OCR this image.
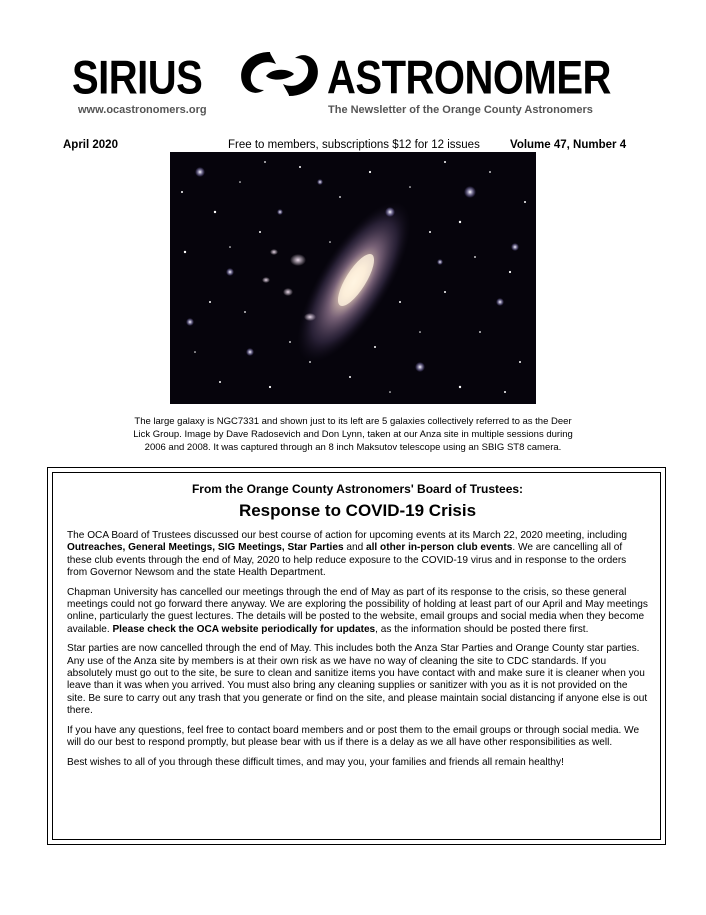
SIRIUS	ASTRONOMER
www.ocastronomers.org	The Newsletter of the Orange County Astronomers
April 2020	Free to members, subscriptions $12 for 12 issues	Volume 47, Number 4
The large galaxy is NGC7331 and shown just to its left are 5 galaxies collectively referred to as the Deer
Lick Group. Image by Dave Radosevich and Don Lynn, taken at our Anza site in multiple sessions during
2006 and 2008. It was captured through an 8 inch Maksutov telescope using an SBIG ST8 camera.
From the Orange County Astronomers' Board of Trustees:
Response to COVID-19 Crisis

The OCA Board of Trustees discussed our best course of action for upcoming events at its March 22, 2020 meeting, including Outreaches, General Meetings, SIG Meetings, Star Parties and all other in-person club events. We are cancelling all of these club events through the end of May, 2020 to help reduce exposure to the COVID-19 virus and in response to the orders from Governor Newsom and the state Health Department.

Chapman University has cancelled our meetings through the end of May as part of its response to the crisis, so these general meetings could not go forward there anyway. We are exploring the possibility of holding at least part of our April and May meetings online, particularly the guest lectures. The details will be posted to the website, email groups and social media when they become available. Please check the OCA website periodically for updates, as the information should be posted there first.

Star parties are now cancelled through the end of May. This includes both the Anza Star Parties and Orange County star parties. Any use of the Anza site by members is at their own risk as we have no way of cleaning the site to CDC standards. If you absolutely must go out to the site, be sure to clean and sanitize items you have contact with and make sure it is cleaner when you leave than it was when you arrived. You must also bring any cleaning supplies or sanitizer with you as it is not provided on the site. Be sure to carry out any trash that you generate or find on the site, and please maintain social distancing if anyone else is out there.

If you have any questions, feel free to contact board members and or post them to the email groups or through social media. We will do our best to respond promptly, but please bear with us if there is a delay as we all have other responsibilities as well.

Best wishes to all of you through these difficult times, and may you, your families and friends all remain healthy!
